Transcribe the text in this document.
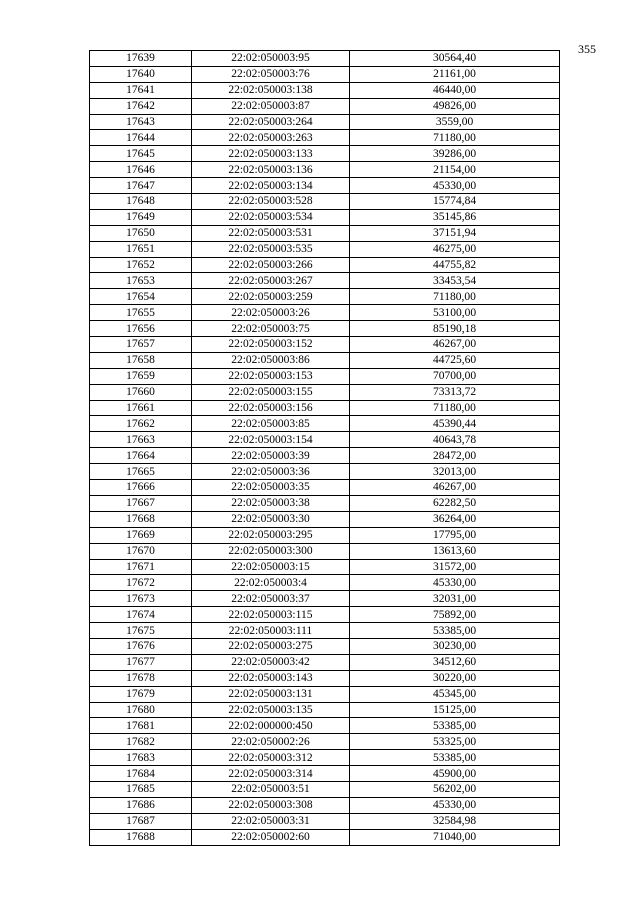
355
17639	22:02:050003:95	30564,40
17640	22:02:050003:76	21161,00
17641	22:02:050003:138	46440,00
17642	22:02:050003:87	49826,00
17643	22:02:050003:264	3559,00
17644	22:02:050003:263	71180,00
17645	22:02:050003:133	39286,00
17646	22:02:050003:136	21154,00
17647	22:02:050003:134	45330,00
17648	22:02:050003:528	15774,84
17649	22:02:050003:534	35145,86
17650	22:02:050003:531	37151,94
17651	22:02:050003:535	46275,00
17652	22:02:050003:266	44755,82
17653	22:02:050003:267	33453,54
17654	22:02:050003:259	71180,00
17655	22:02:050003:26	53100,00
17656	22:02:050003:75	85190,18
17657	22:02:050003:152	46267,00
17658	22:02:050003:86	44725,60
17659	22:02:050003:153	70700,00
17660	22:02:050003:155	73313,72
17661	22:02:050003:156	71180,00
17662	22:02:050003:85	45390,44
17663	22:02:050003:154	40643,78
17664	22:02:050003:39	28472,00
17665	22:02:050003:36	32013,00
17666	22:02:050003:35	46267,00
17667	22:02:050003:38	62282,50
17668	22:02:050003:30	36264,00
17669	22:02:050003:295	17795,00
17670	22:02:050003:300	13613,60
17671	22:02:050003:15	31572,00
17672	22:02:050003:4	45330,00
17673	22:02:050003:37	32031,00
17674	22:02:050003:115	75892,00
17675	22:02:050003:111	53385,00
17676	22:02:050003:275	30230,00
17677	22:02:050003:42	34512,60
17678	22:02:050003:143	30220,00
17679	22:02:050003:131	45345,00
17680	22:02:050003:135	15125,00
17681	22:02:000000:450	53385,00
17682	22:02:050002:26	53325,00
17683	22:02:050003:312	53385,00
17684	22:02:050003:314	45900,00
17685	22:02:050003:51	56202,00
17686	22:02:050003:308	45330,00
17687	22:02:050003:31	32584,98
17688	22:02:050002:60	71040,00
